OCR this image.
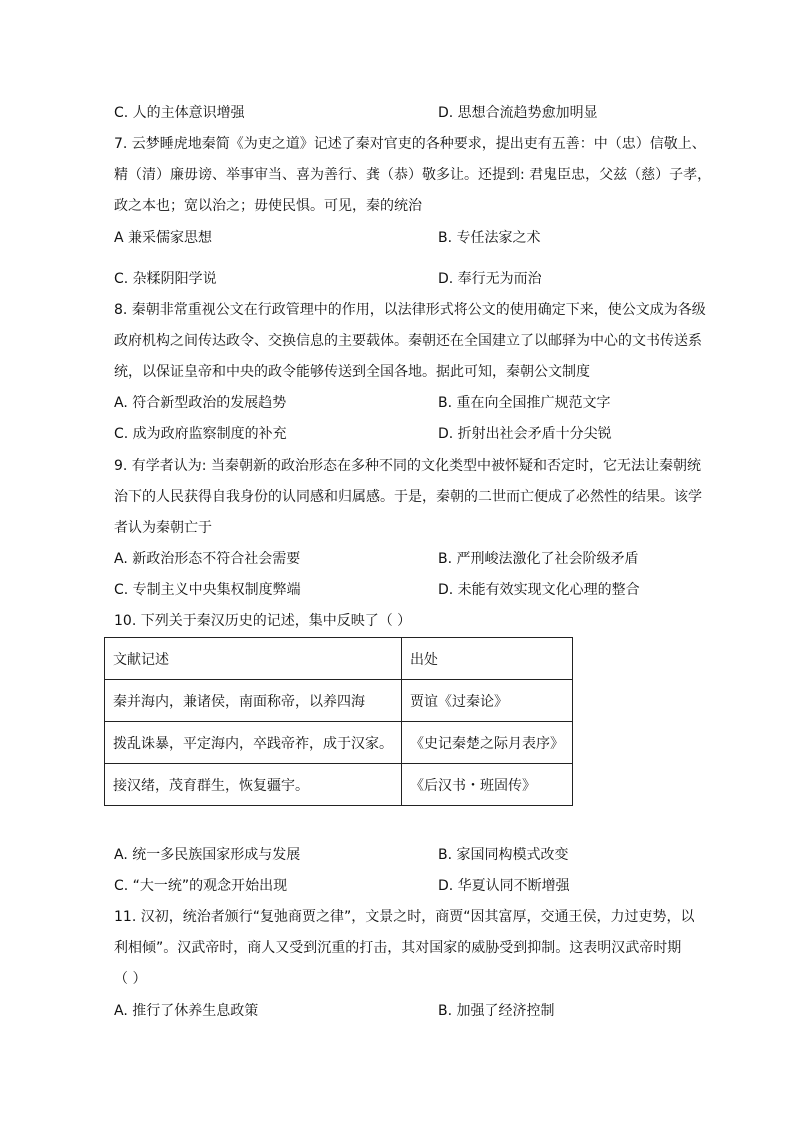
C. 人的主体意识增强	D. 思想合流趋势愈加明显
7. 云梦睡虎地秦简《为吏之道》记述了秦对官吏的各种要求，提出吏有五善：中（忠）信敬上、
精（清）廉毋谤、举事审当、喜为善行、龚（恭）敬多让。还提到: 君鬼臣忠，父兹（慈）子孝，
政之本也；宽以治之；毋使民惧。可见，秦的统治
A 兼采儒家思想	B. 专任法家之术
C. 杂糅阴阳学说	D. 奉行无为而治
8. 秦朝非常重视公文在行政管理中的作用，以法律形式将公文的使用确定下来，使公文成为各级
政府机构之间传达政令、交换信息的主要载体。秦朝还在全国建立了以邮驿为中心的文书传送系
统，以保证皇帝和中央的政令能够传送到全国各地。据此可知，秦朝公文制度
A. 符合新型政治的发展趋势	B. 重在向全国推广规范文字
C. 成为政府监察制度的补充	D. 折射出社会矛盾十分尖锐
9. 有学者认为: 当秦朝新的政治形态在多种不同的文化类型中被怀疑和否定时，它无法让秦朝统
治下的人民获得自我身份的认同感和归属感。于是，秦朝的二世而亡便成了必然性的结果。该学
者认为秦朝亡于
A. 新政治形态不符合社会需要	B. 严刑峻法激化了社会阶级矛盾
C. 专制主义中央集权制度弊端	D. 未能有效实现文化心理的整合
10. 下列关于秦汉历史的记述，集中反映了（ ）
文献记述	出处
秦并海内，兼诸侯，南面称帝，以养四海	贾谊《过秦论》
拨乱诛暴，平定海内，卒践帝祚，成于汉家。	《史记秦楚之际月表序》
接汉绪，茂育群生，恢复疆宇。	《后汉书・班固传》
A. 统一多民族国家形成与发展	B. 家国同构模式改变
C. “大一统”的观念开始出现	D. 华夏认同不断增强
11. 汉初，统治者颁行“复弛商贾之律”，文景之时，商贾“因其富厚，交通王侯，力过吏势，以
利相倾”。汉武帝时，商人又受到沉重的打击，其对国家的威胁受到抑制。这表明汉武帝时期
（ ）
A. 推行了休养生息政策	B. 加强了经济控制
